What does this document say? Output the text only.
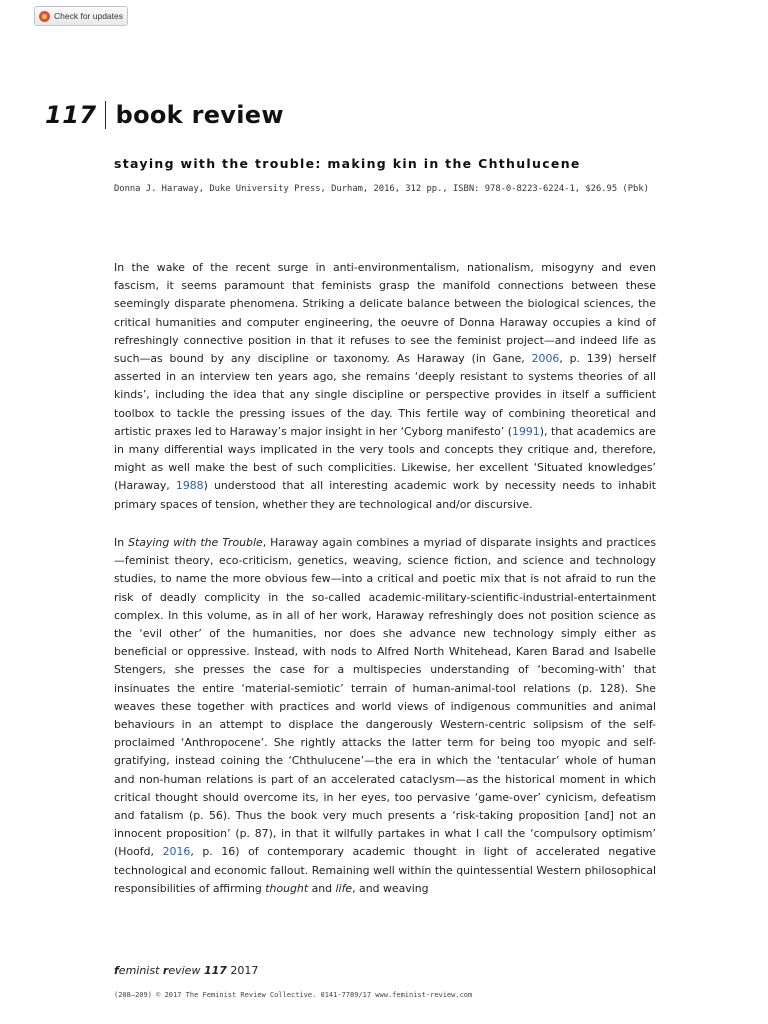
Check for updates
117 book review
staying with the trouble: making kin in the Chthulucene
Donna J. Haraway, Duke University Press, Durham, 2016, 312 pp., ISBN: 978-0-8223-6224-1, $26.95 (Pbk)

In the wake of the recent surge in anti-environmentalism, nationalism, misogyny and even fascism, it seems paramount that feminists grasp the manifold connections between these seemingly disparate phenomena. Striking a delicate balance between the biological sciences, the critical humanities and computer engineering, the oeuvre of Donna Haraway occupies a kind of refreshingly connective position in that it refuses to see the feminist project—and indeed life as such—as bound by any discipline or taxonomy. As Haraway (in Gane, 2006, p. 139) herself asserted in an interview ten years ago, she remains ‘deeply resistant to systems theories of all kinds’, including the idea that any single discipline or perspective provides in itself a sufficient toolbox to tackle the pressing issues of the day. This fertile way of combining theoretical and artistic praxes led to Haraway’s major insight in her ‘Cyborg manifesto’ (1991), that academics are in many differential ways implicated in the very tools and concepts they critique and, therefore, might as well make the best of such complicities. Likewise, her excellent ‘Situated knowledges’ (Haraway, 1988) understood that all interesting academic work by necessity needs to inhabit primary spaces of tension, whether they are technological and/or discursive.

In Staying with the Trouble, Haraway again combines a myriad of disparate insights and practices—feminist theory, eco-criticism, genetics, weaving, science fiction, and science and technology studies, to name the more obvious few—into a critical and poetic mix that is not afraid to run the risk of deadly complicity in the so-called academic-military-scientific-industrial-entertainment complex. In this volume, as in all of her work, Haraway refreshingly does not position science as the ‘evil other’ of the humanities, nor does she advance new technology simply either as beneficial or oppressive. Instead, with nods to Alfred North Whitehead, Karen Barad and Isabelle Stengers, she presses the case for a multispecies understanding of ‘becoming-with’ that insinuates the entire ‘material-semiotic’ terrain of human-animal-tool relations (p. 128). She weaves these together with practices and world views of indigenous communities and animal behaviours in an attempt to displace the dangerously Western-centric solipsism of the self-proclaimed ‘Anthropocene’. She rightly attacks the latter term for being too myopic and self-gratifying, instead coining the ‘Chthulucene’—the era in which the ‘tentacular’ whole of human and non-human relations is part of an accelerated cataclysm—as the historical moment in which critical thought should overcome its, in her eyes, too pervasive ‘game-over’ cynicism, defeatism and fatalism (p. 56). Thus the book very much presents a ‘risk-taking proposition [and] not an innocent proposition’ (p. 87), in that it wilfully partakes in what I call the ‘compulsory optimism’ (Hoofd, 2016, p. 16) of contemporary academic thought in light of accelerated negative technological and economic fallout. Remaining well within the quintessential Western philosophical responsibilities of affirming thought and life, and weaving

feminist review 117 2017
(208–209) © 2017 The Feminist Review Collective. 0141-7789/17 www.feminist-review.com
